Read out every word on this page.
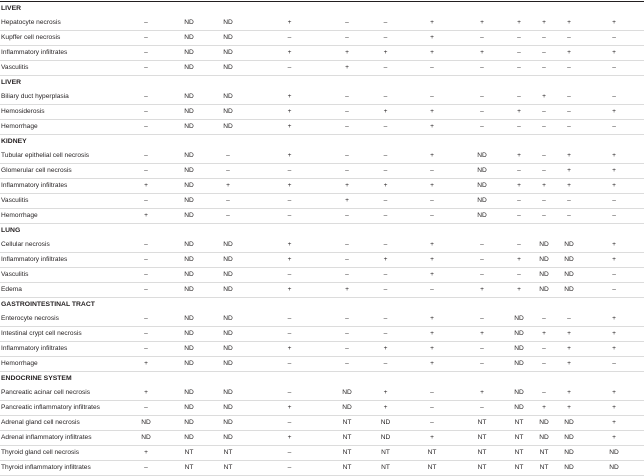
LIVER												
Hepatocyte necrosis	–	ND	ND	+	–	–	+	+	+	+	+	+
Kupffer cell necrosis	–	ND	ND	–	–	–	+	–	–	–	–	–
Inflammatory infiltrates	–	ND	ND	+	+	+	+	+	–	–	+	+
Vasculitis	–	ND	ND	–	+	–	–	–	–	–	–	–
LIVER												
Biliary duct hyperplasia	–	ND	ND	+	–	–	–	–	–	+	–	–
Hemosiderosis	–	ND	ND	+	–	+	+	–	+	–	–	+
Hemorrhage	–	ND	ND	+	–	–	+	–	–	–	–	–
KIDNEY												
Tubular epithelial cell necrosis	–	ND	–	+	–	–	+	ND	+	–	+	+
Glomerular cell necrosis	–	ND	–	–	–	–	–	ND	–	–	+	+
Inflammatory infiltrates	+	ND	+	+	+	+	+	ND	+	+	+	+
Vasculitis	–	ND	–	–	+	–	–	ND	–	–	–	–
Hemorrhage	+	ND	–	–	–	–	–	ND	–	–	–	–
LUNG												
Cellular necrosis	–	ND	ND	+	–	–	+	–	–	ND	ND	+
Inflammatory infiltrates	–	ND	ND	+	–	+	+	–	+	ND	ND	+
Vasculitis	–	ND	ND	–	–	–	+	–	–	ND	ND	–
Edema	–	ND	ND	+	+	–	–	+	+	ND	ND	–
GASTROINTESTINAL TRACT												
Enterocyte necrosis	–	ND	ND	–	–	–	+	–	ND	–	–	+
Intestinal crypt cell necrosis	–	ND	ND	–	–	–	+	+	ND	+	+	+
Inflammatory infiltrates	–	ND	ND	+	–	+	+	–	ND	–	+	+
Hemorrhage	+	ND	ND	–	–	–	+	–	ND	–	+	–
ENDOCRINE SYSTEM												
Pancreatic acinar cell necrosis	+	ND	ND	–	ND	+	–	+	ND	–	+	+
Pancreatic inflammatory infiltrates	–	ND	ND	+	ND	+	–	–	ND	+	+	+
Adrenal gland cell necrosis	ND	ND	ND	–	NT	ND	–	NT	NT	ND	ND	+
Adrenal inflammatory infiltrates	ND	ND	ND	+	NT	ND	+	NT	NT	ND	ND	+
Thyroid gland cell necrosis	+	NT	NT	–	NT	NT	NT	NT	NT	NT	ND	ND
Thyroid inflammatory infiltrates	–	NT	NT	–	NT	NT	NT	NT	NT	NT	ND	ND
